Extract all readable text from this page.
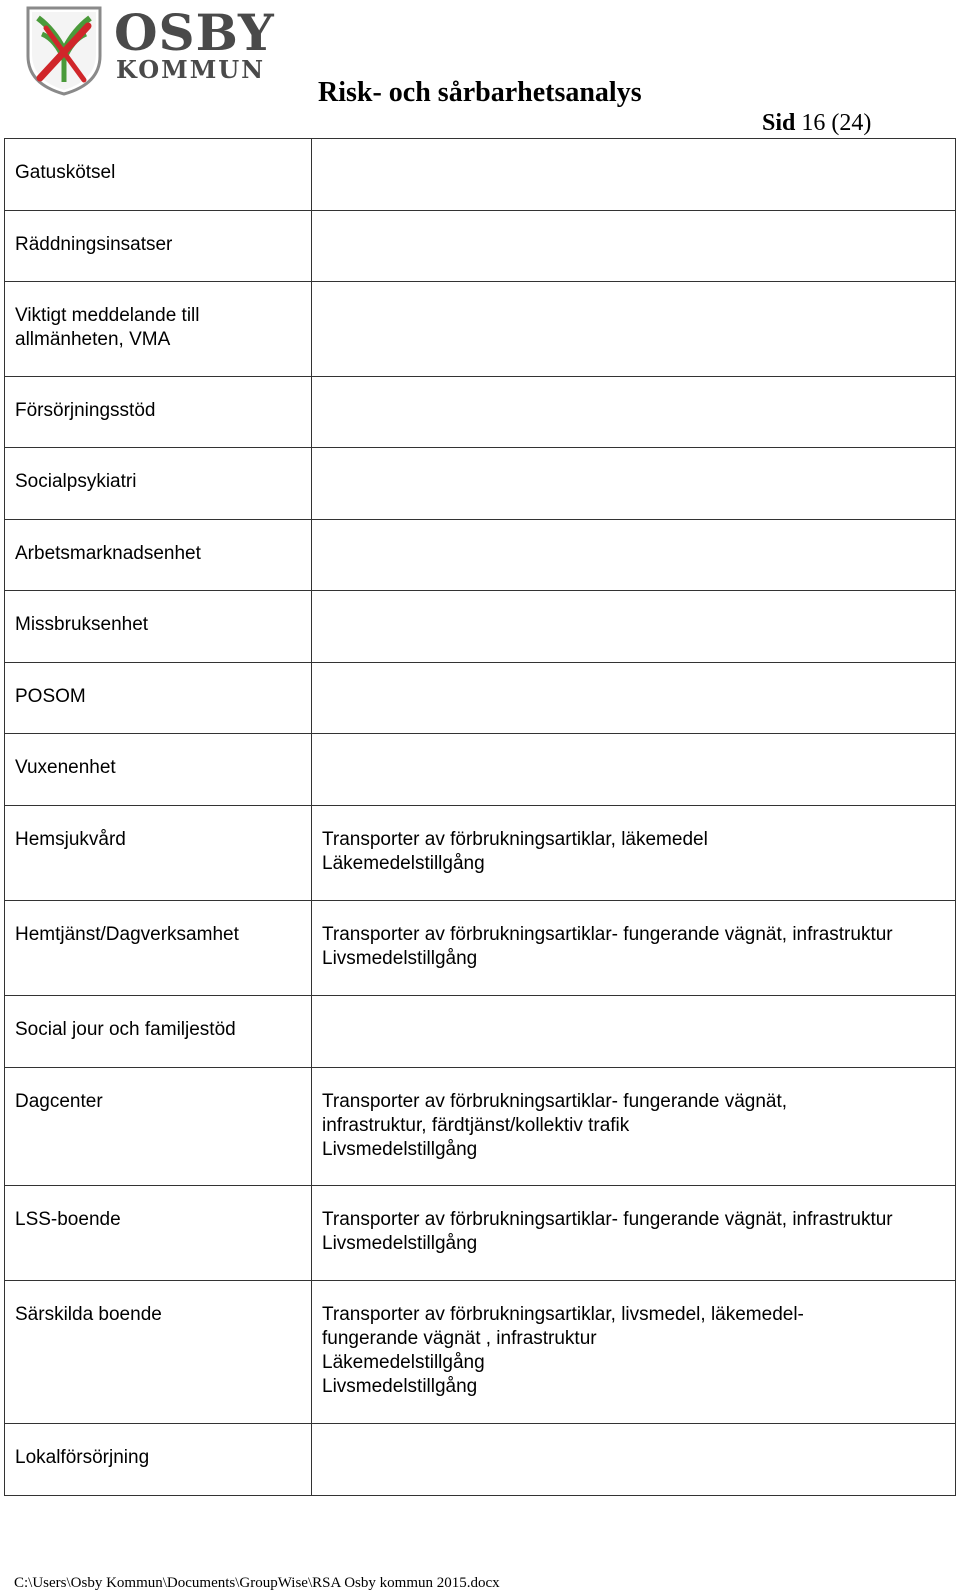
OSBY
KOMMUN
Risk- och sårbarhetsanalys
Sid 16 (24)
Gatuskötsel	

Räddningsinsatser	

Viktigt meddelande till
allmänheten, VMA	

Försörjningsstöd	

Socialpsykiatri	

Arbetsmarknadsenhet	

Missbruksenhet	

POSOM	

Vuxenenhet	

Hemsjukvård	Transporter av förbrukningsartiklar, läkemedel
Läkemedelstillgång

Hemtjänst/Dagverksamhet	Transporter av förbrukningsartiklar- fungerande vägnät, infrastruktur
Livsmedelstillgång

Social jour och familjestöd	

Dagcenter	Transporter av förbrukningsartiklar- fungerande vägnät,
infrastruktur, färdtjänst/kollektiv trafik
Livsmedelstillgång

LSS-boende	Transporter av förbrukningsartiklar- fungerande vägnät, infrastruktur
Livsmedelstillgång

Särskilda boende	Transporter av förbrukningsartiklar, livsmedel, läkemedel-
fungerande vägnät , infrastruktur
Läkemedelstillgång
Livsmedelstillgång

Lokalförsörjning	

C:\Users\Osby Kommun\Documents\GroupWise\RSA Osby kommun 2015.docx
